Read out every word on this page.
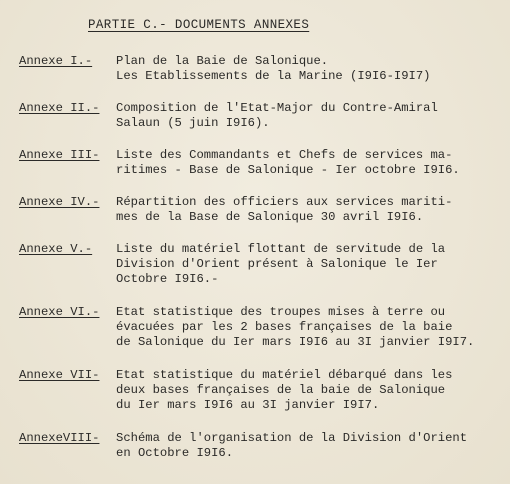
PARTIE C.- DOCUMENTS ANNEXES
Annexe I.-	Plan de la Baie de Salonique.
Les Etablissements de la Marine (I9I6-I9I7)
Annexe II.-	Composition de l'Etat-Major du Contre-Amiral
Salaun (5 juin I9I6).
Annexe III-	Liste des Commandants et Chefs de services ma-
ritimes - Base de Salonique - Ier octobre I9I6.
Annexe IV.-	Répartition des officiers aux services mariti-
mes de la Base de Salonique 30 avril I9I6.
Annexe V.-	Liste du matériel flottant de servitude de la
Division d'Orient présent à Salonique le Ier
Octobre I9I6.-
Annexe VI.-	Etat statistique des troupes mises à terre ou
évacuées par les 2 bases françaises de la baie
de Salonique du Ier mars I9I6 au 3I janvier I9I7.
Annexe VII-	Etat statistique du matériel débarqué dans les
deux bases françaises de la baie de Salonique
du Ier mars I9I6 au 3I janvier I9I7.
AnnexeVIII-	Schéma de l'organisation de la Division d'Orient
en Octobre I9I6.
